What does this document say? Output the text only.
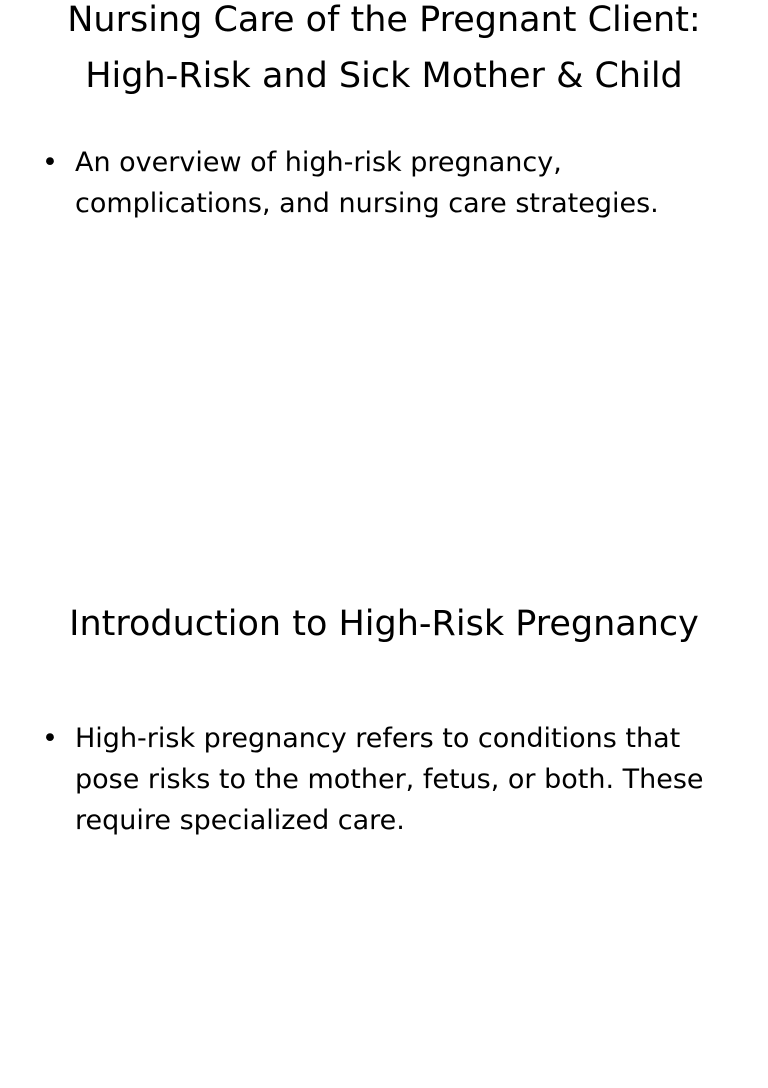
Nursing Care of the Pregnant Client: High-Risk and Sick Mother & Child
• An overview of high-risk pregnancy, complications, and nursing care strategies.
Introduction to High-Risk Pregnancy
• High-risk pregnancy refers to conditions that pose risks to the mother, fetus, or both. These require specialized care.
